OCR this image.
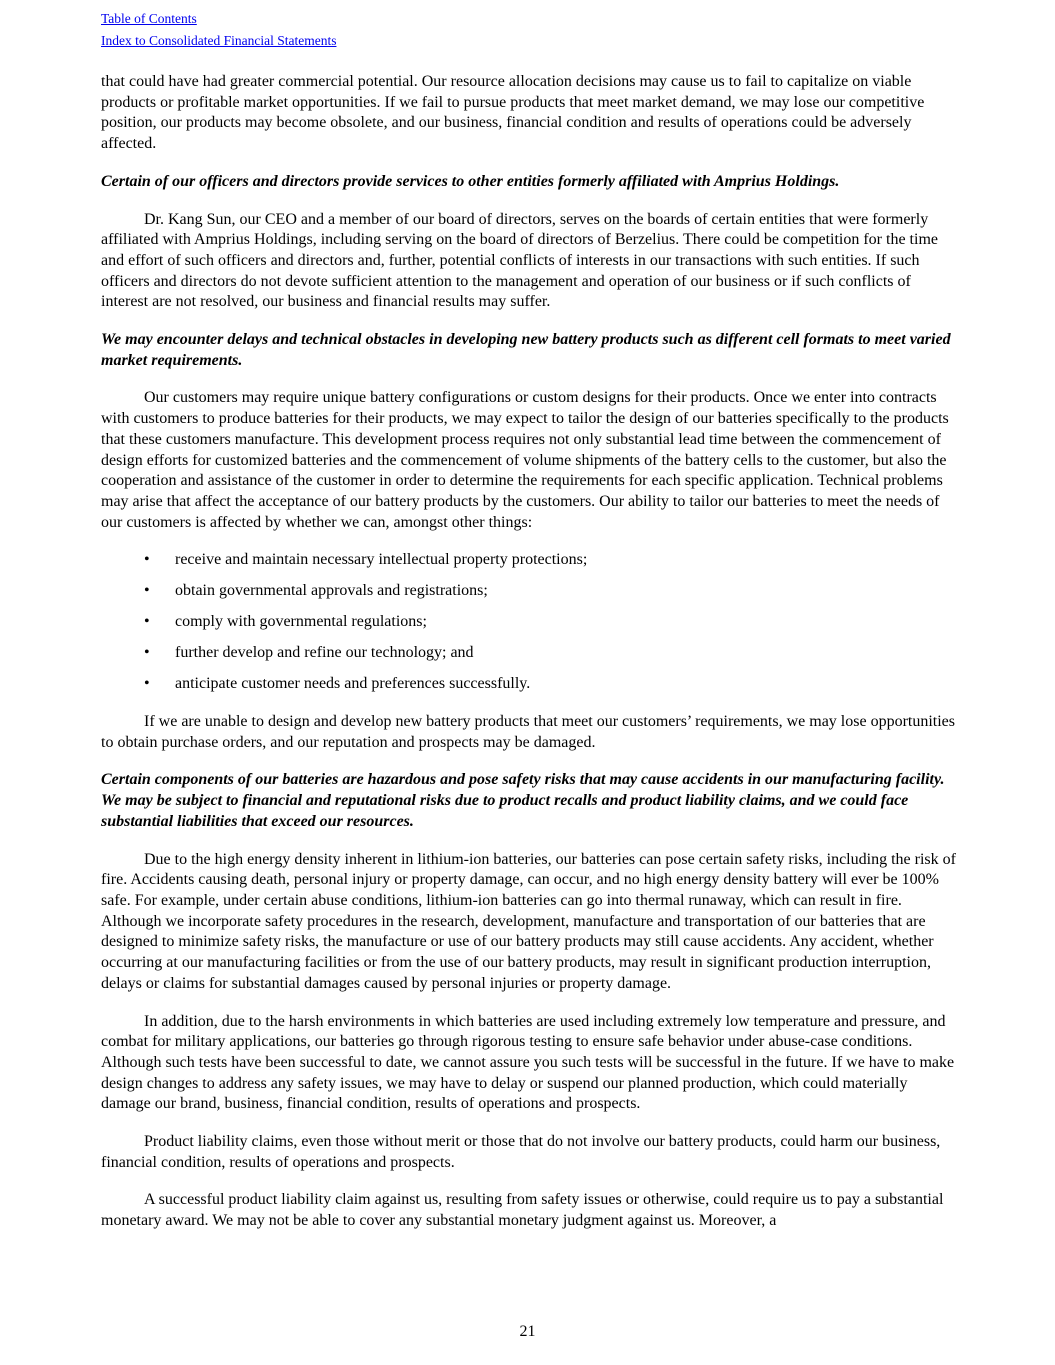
Table of Contents
Index to Consolidated Financial Statements

that could have had greater commercial potential. Our resource allocation decisions may cause us to fail to capitalize on viable products or profitable market opportunities. If we fail to pursue products that meet market demand, we may lose our competitive position, our products may become obsolete, and our business, financial condition and results of operations could be adversely affected.

Certain of our officers and directors provide services to other entities formerly affiliated with Amprius Holdings.

Dr. Kang Sun, our CEO and a member of our board of directors, serves on the boards of certain entities that were formerly affiliated with Amprius Holdings, including serving on the board of directors of Berzelius. There could be competition for the time and effort of such officers and directors and, further, potential conflicts of interests in our transactions with such entities. If such officers and directors do not devote sufficient attention to the management and operation of our business or if such conflicts of interest are not resolved, our business and financial results may suffer.

We may encounter delays and technical obstacles in developing new battery products such as different cell formats to meet varied market requirements.

Our customers may require unique battery configurations or custom designs for their products. Once we enter into contracts with customers to produce batteries for their products, we may expect to tailor the design of our batteries specifically to the products that these customers manufacture. This development process requires not only substantial lead time between the commencement of design efforts for customized batteries and the commencement of volume shipments of the battery cells to the customer, but also the cooperation and assistance of the customer in order to determine the requirements for each specific application. Technical problems may arise that affect the acceptance of our battery products by the customers. Our ability to tailor our batteries to meet the needs of our customers is affected by whether we can, amongst other things:

• receive and maintain necessary intellectual property protections;
• obtain governmental approvals and registrations;
• comply with governmental regulations;
• further develop and refine our technology; and
• anticipate customer needs and preferences successfully.

If we are unable to design and develop new battery products that meet our customers’ requirements, we may lose opportunities to obtain purchase orders, and our reputation and prospects may be damaged.

Certain components of our batteries are hazardous and pose safety risks that may cause accidents in our manufacturing facility. We may be subject to financial and reputational risks due to product recalls and product liability claims, and we could face substantial liabilities that exceed our resources.

Due to the high energy density inherent in lithium-ion batteries, our batteries can pose certain safety risks, including the risk of fire. Accidents causing death, personal injury or property damage, can occur, and no high energy density battery will ever be 100% safe. For example, under certain abuse conditions, lithium-ion batteries can go into thermal runaway, which can result in fire. Although we incorporate safety procedures in the research, development, manufacture and transportation of our batteries that are designed to minimize safety risks, the manufacture or use of our battery products may still cause accidents. Any accident, whether occurring at our manufacturing facilities or from the use of our battery products, may result in significant production interruption, delays or claims for substantial damages caused by personal injuries or property damage.

In addition, due to the harsh environments in which batteries are used including extremely low temperature and pressure, and combat for military applications, our batteries go through rigorous testing to ensure safe behavior under abuse-case conditions. Although such tests have been successful to date, we cannot assure you such tests will be successful in the future. If we have to make design changes to address any safety issues, we may have to delay or suspend our planned production, which could materially damage our brand, business, financial condition, results of operations and prospects.

Product liability claims, even those without merit or those that do not involve our battery products, could harm our business, financial condition, results of operations and prospects.

A successful product liability claim against us, resulting from safety issues or otherwise, could require us to pay a substantial monetary award. We may not be able to cover any substantial monetary judgment against us. Moreover, a

21
